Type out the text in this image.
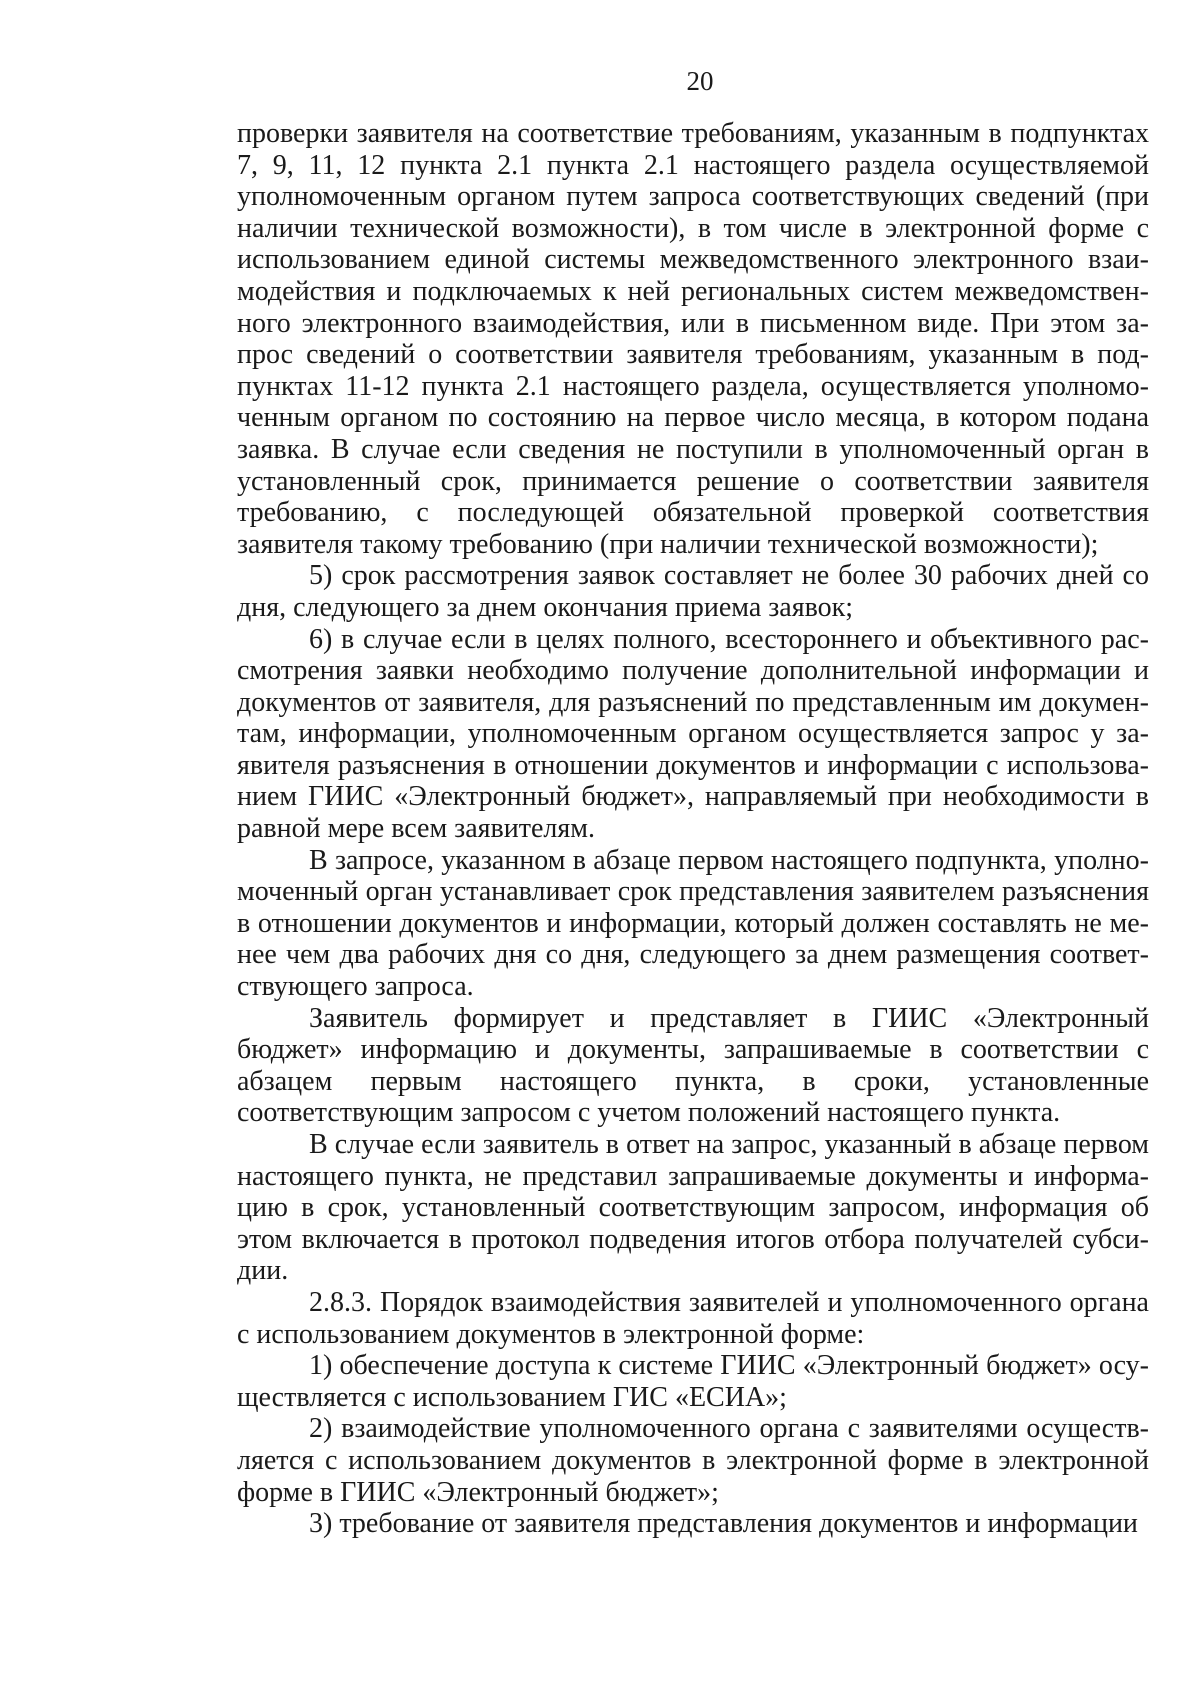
20

проверки заявителя на соответствие требованиям, указанным в подпунктах 7, 9, 11, 12 пункта 2.1 пункта 2.1 настоящего раздела осуществляемой уполномоченным органом путем запроса соответствующих сведений (при наличии технической возможности), в том числе в электронной форме с использованием единой системы межведомственного электронного взаимодействия и подключаемых к ней региональных систем межведомственного электронного взаимодействия, или в письменном виде. При этом запрос сведений о соответствии заявителя требованиям, указанным в подпунктах 11-12 пункта 2.1 настоящего раздела, осуществляется уполномоченным органом по состоянию на первое число месяца, в котором подана заявка. В случае если сведения не поступили в уполномоченный орган в установленный срок, принимается решение о соответствии заявителя требованию, с последующей обязательной проверкой соответствия заявителя такому требованию (при наличии технической возможности);

5) срок рассмотрения заявок составляет не более 30 рабочих дней со дня, следующего за днем окончания приема заявок;

6) в случае если в целях полного, всестороннего и объективного рассмотрения заявки необходимо получение дополнительной информации и документов от заявителя, для разъяснений по представленным им документам, информации, уполномоченным органом осуществляется запрос у заявителя разъяснения в отношении документов и информации с использованием ГИИС «Электронный бюджет», направляемый при необходимости в равной мере всем заявителям.

В запросе, указанном в абзаце первом настоящего подпункта, уполномоченный орган устанавливает срок представления заявителем разъяснения в отношении документов и информации, который должен составлять не менее чем два рабочих дня со дня, следующего за днем размещения соответствующего запроса.

Заявитель формирует и представляет в ГИИС «Электронный бюджет» информацию и документы, запрашиваемые в соответствии с абзацем первым настоящего пункта, в сроки, установленные соответствующим запросом с учетом положений настоящего пункта.

В случае если заявитель в ответ на запрос, указанный в абзаце первом настоящего пункта, не представил запрашиваемые документы и информацию в срок, установленный соответствующим запросом, информация об этом включается в протокол подведения итогов отбора получателей субсидии.

2.8.3. Порядок взаимодействия заявителей и уполномоченного органа с использованием документов в электронной форме:

1) обеспечение доступа к системе ГИИС «Электронный бюджет» осуществляется с использованием ГИС «ЕСИА»;

2) взаимодействие уполномоченного органа с заявителями осуществляется с использованием документов в электронной форме в электронной форме в ГИИС «Электронный бюджет»;

3) требование от заявителя представления документов и информации
